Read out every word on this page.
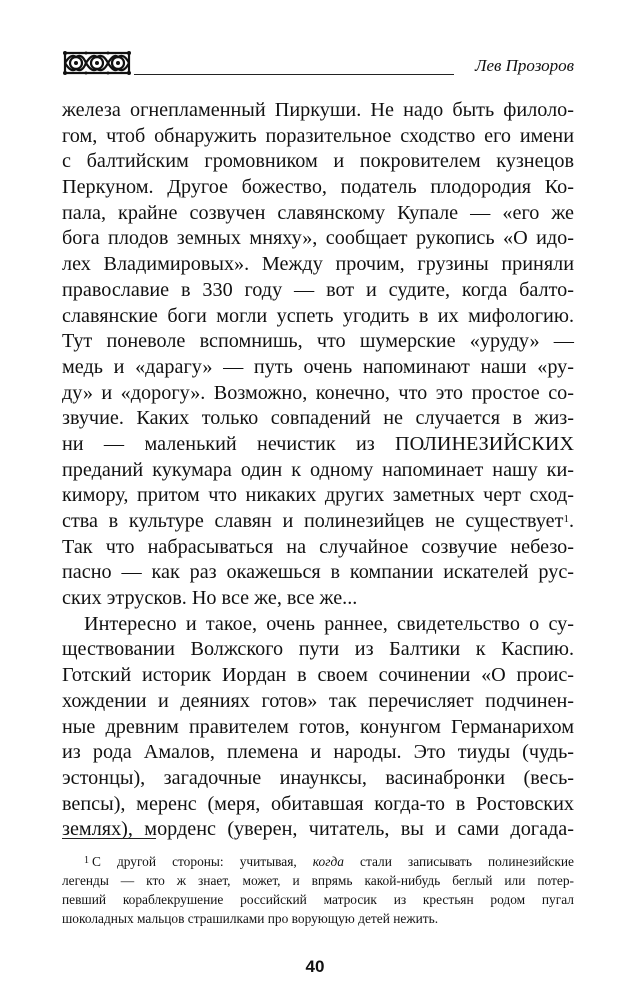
Лев Прозоров
железа огнепламенный Пиркуши. Не надо быть филоло-
гом, чтоб обнаружить поразительное сходство его имени
с балтийским громовником и покровителем кузнецов
Перкуном. Другое божество, податель плодородия Ко-
пала, крайне созвучен славянскому Купале — «его же
бога плодов земных мняху», сообщает рукопись «О идо-
лех Владимировых». Между прочим, грузины приняли
православие в 330 году — вот и судите, когда балто-
славянские боги могли успеть угодить в их мифологию.
Тут поневоле вспомнишь, что шумерские «уруду» —
медь и «дарагу» — путь очень напоминают наши «ру-
ду» и «дорогу». Возможно, конечно, что это простое со-
звучие. Каких только совпадений не случается в жиз-
ни — маленький нечистик из ПОЛИНЕЗИЙСКИХ
преданий кукумара один к одному напоминает нашу ки-
кимору, притом что никаких других заметных черт сход-
ства в культуре славян и полинезийцев не существует$^1$.
Так что набрасываться на случайное созвучие небезо-
пасно — как раз окажешься в компании искателей рус-
ских этрусков. Но все же, все же...
Интересно и такое, очень раннее, свидетельство о су-
ществовании Волжского пути из Балтики к Каспию.
Готский историк Иордан в своем сочинении «О проис-
хождении и деяниях готов» так перечисляет подчинен-
ные древним правителем готов, конунгом Германарихом
из рода Амалов, племена и народы. Это тиуды (чудь-
эстонцы), загадочные инаунксы, васинабронки (весь-
вепсы), меренс (меря, обитавшая когда-то в Ростовских
землях), морденс (уверен, читатель, вы и сами догада-
$^1$ С другой стороны: учитывая, когда стали записывать полинезийские
легенды — кто ж знает, может, и впрямь какой-нибудь беглый или потер-
певший кораблекрушение российский матросик из крестьян родом пугал
шоколадных мальцов страшилками про ворующую детей нежить.
40
